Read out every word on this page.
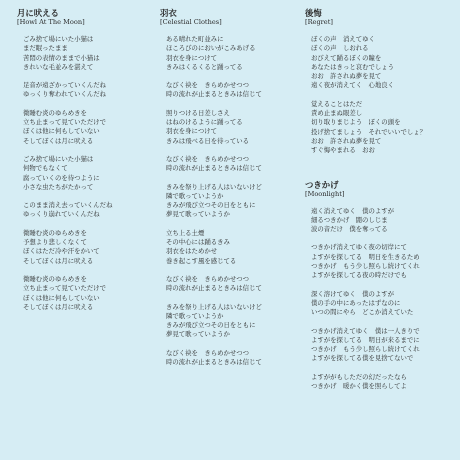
月に吠える
[Howl At The Moon]
ごみ捨て場にいた小猫は
まだ眠ったまま
苦悶の表情のままで小猫は
きれいな毛並みを湛えて
足音が遠ざかっていくんだね
ゆっくり奪われていくんだね
微睡む炎のゆらめきを
立ち止まって見ていただけで
ぼくは他に何もしていない
そしてぼくは月に吠える
ごみ捨て場にいた小猫は
何物でもなくて
腐っていくのを待つように
小さな虫たちがたかって
このまま消え去っていくんだね
ゆっくり崩れていくんだね
微睡む炎のゆらめきを
予想より悲しくなくて
ぼくはただ冷や汗をかいて
そしてぼくは月に吠える
微睡む炎のゆらめきを
立ち止まって見ていただけで
ぼくは他に何もしていない
そしてぼくは月に吠える
羽衣
[Celestial Clothes]
ある晴れた町並みに
ほころびのにおいがこみあげる
羽衣を身につけて
きみはくるくると踊ってる
なびく袂を　きらめかせつつ
時の流れが止まるときみは信じて
照りつける日差しさえ
はねのけるように踊ってる
羽衣を身につけて
きみは飛べる日を待っている
なびく袂を　きらめかせつつ
時の流れが止まるときみは信じて
きみを祭り上げる人はいないけど
隣で歌っていようか
きみが飛び立つその日をともに
夢見て歌っていようか
立ち上る土煙
その中心には踊るきみ
羽衣をはためかせ
巻き起こす風を感じてる
なびく袂を　きらめかせつつ
時の流れが止まるときみは信じて
きみを祭り上げる人はいないけど
隣で歌っていようか
きみが飛び立つその日をともに
夢見て歌っていようか
なびく袂を　きらめかせつつ
時の流れが止まるときみは信じて
後悔
[Regret]
ぼくの声　消えてゆく
ぼくの声　しおれる
おびえて踊るぼくの瞳を
あなたはきっと哀むでしょう
おお　許されぬ夢を見て
遠く夜が消えてく　心地良く
覚えることはただ
責め止まぬ眼差し
切り取りまじよう　ぼくの頭を
投げ捨てましょう　それでいいでしょ？
おお　許されぬ夢を見て
すぐ悔やまれる　おお
つきかげ
[Moonlight]
遠く消えてゆく　僕のよすが
細るつきかげ　闇のしじま
波の音だけ　僕を奪ってる
つきかげ消えてゆく夜の切岸にて
よすがを探してる　明日を生きるため
つきかげ　もう少し照らし続けてくれ
よすがを探してる夜の時だけでも
深く溶けてゆく　僕のよすが
僕の手の中にあったはずなのに
いつの間にやら　どこか消えていた
つきかげ消えてゆく　僕は一人きりで
よすがを探してる　明日が来るまでに
つきかげ　もう少し照らし続けてくれ
よすがを探してる僕を見捨てないで
よすががもしただの幻だったなら
つきかげ　暖かく僕を照らしてよ
